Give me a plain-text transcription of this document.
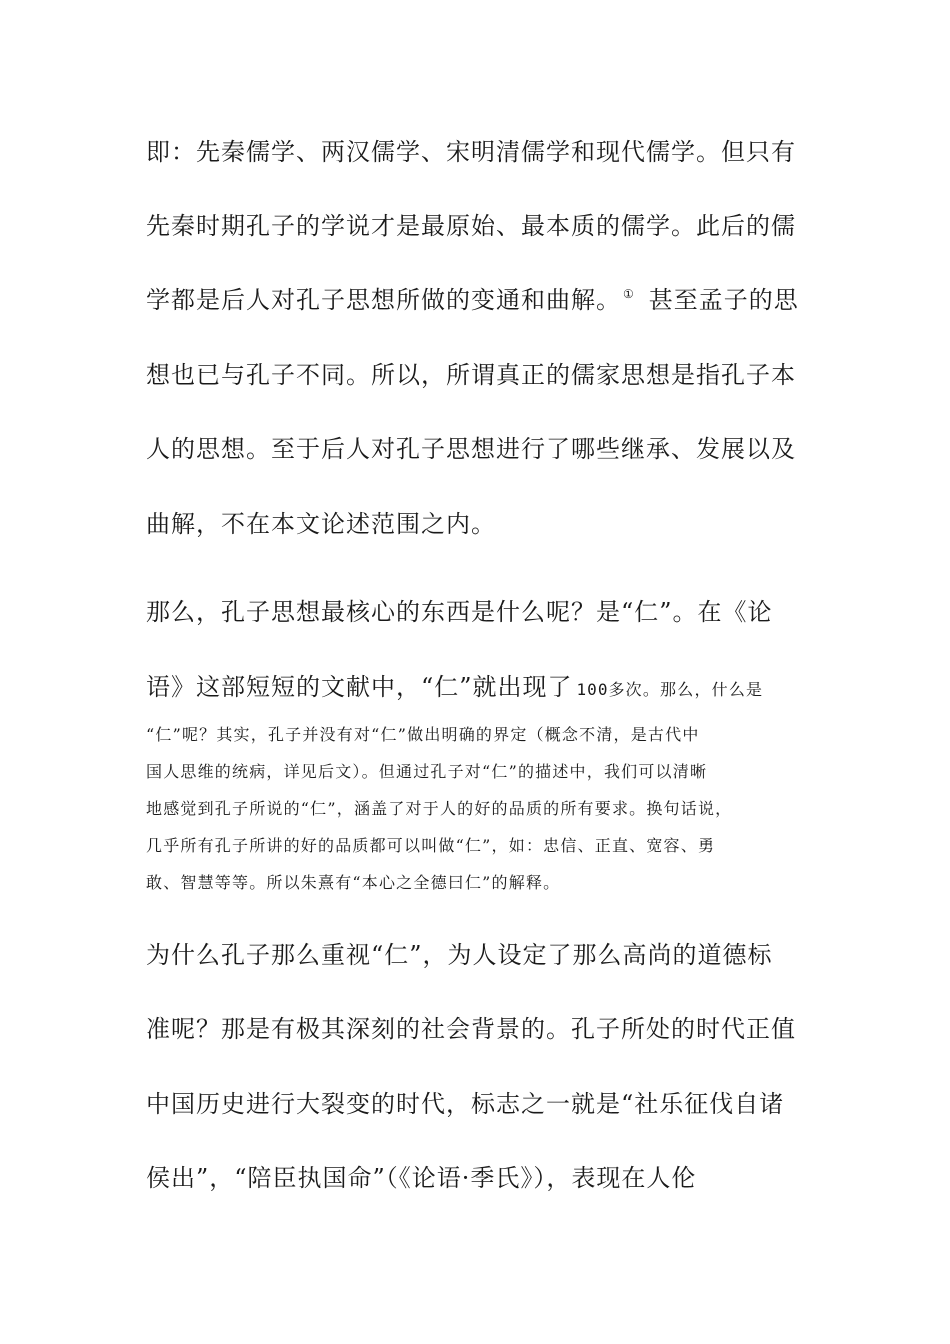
即：先秦儒学、两汉儒学、宋明清儒学和现代儒学。但只有

先秦时期孔子的学说才是最原始、最本质的儒学。此后的儒

学都是后人对孔子思想所做的变通和曲解。 ① 甚至孟子的思

想也已与孔子不同。所以，所谓真正的儒家思想是指孔子本

人的思想。至于后人对孔子思想进行了哪些继承、发展以及

曲解，不在本文论述范围之内。

那么，孔子思想最核心的东西是什么呢？是“仁”。在《论

语》这部短短的文献中，“仁”就出现了 100多次。那么，什么是

“仁”呢？其实，孔子并没有对“仁”做出明确的界定（概念不清，是古代中

国人思维的统病，详见后文）。但通过孔子对“仁”的描述中，我们可以清晰

地感觉到孔子所说的“仁”，涵盖了对于人的好的品质的所有要求。换句话说，

几乎所有孔子所讲的好的品质都可以叫做“仁”，如：忠信、正直、宽容、勇

敢、智慧等等。所以朱熹有“本心之全德曰仁”的解释。

为什么孔子那么重视“仁”，为人设定了那么高尚的道德标

准呢？那是有极其深刻的社会背景的。孔子所处的时代正值

中国历史进行大裂变的时代，标志之一就是“社乐征伐自诸

侯出”，“陪臣执国命”（《论语·季氏》），表现在人伦
